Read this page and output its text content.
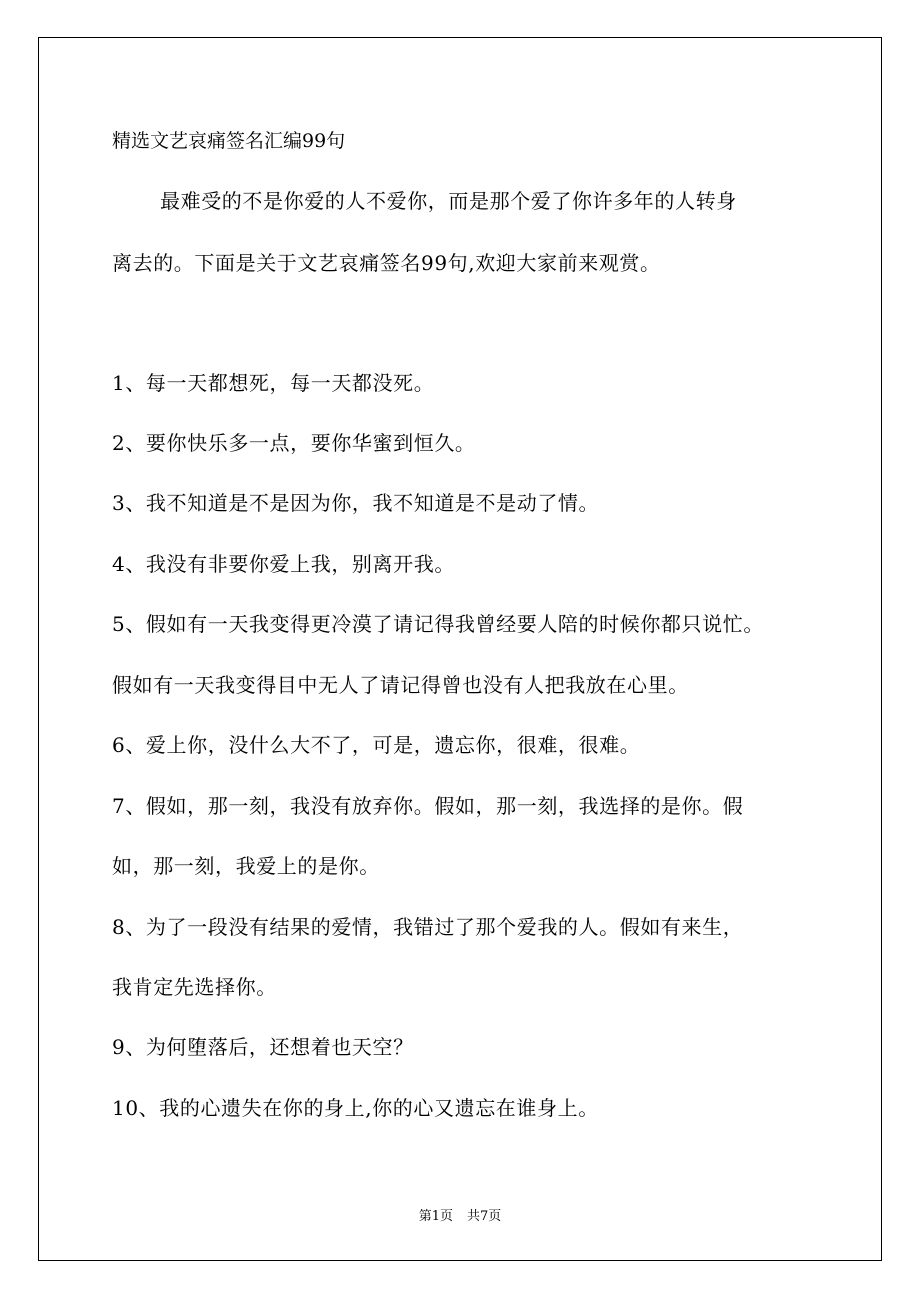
精选文艺哀痛签名汇编99句
最难受的不是你爱的人不爱你，而是那个爱了你许多年的人转身
离去的。下面是关于文艺哀痛签名99句,欢迎大家前来观赏。
1、每一天都想死，每一天都没死。
2、要你快乐多一点，要你华蜜到恒久。
3、我不知道是不是因为你，我不知道是不是动了情。
4、我没有非要你爱上我，别离开我。
5、假如有一天我变得更冷漠了请记得我曾经要人陪的时候你都只说忙。
假如有一天我变得目中无人了请记得曾也没有人把我放在心里。
6、爱上你，没什么大不了，可是，遗忘你，很难，很难。
7、假如，那一刻，我没有放弃你。假如，那一刻，我选择的是你。假
如，那一刻，我爱上的是你。
8、为了一段没有结果的爱情，我错过了那个爱我的人。假如有来生，
我肯定先选择你。
9、为何堕落后，还想着也天空？
10、我的心遗失在你的身上,你的心又遗忘在谁身上。
第1页 共7页
